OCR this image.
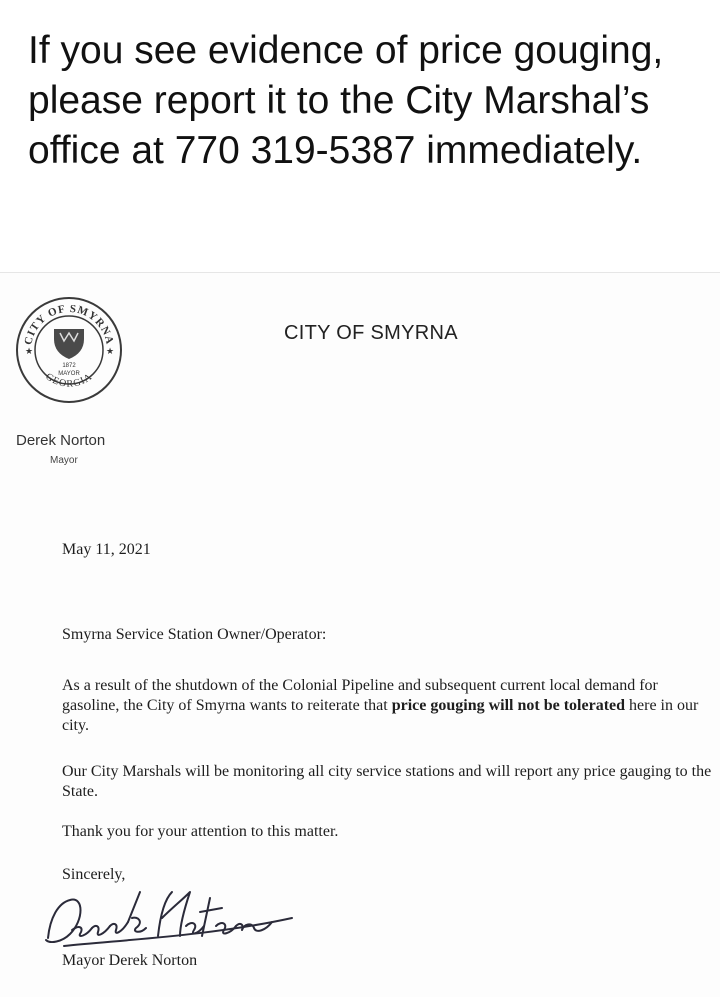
If you see evidence of price gouging, please report it to the City Marshal’s office at 770 319-5387 immediately.
CITY OF SMYRNA
GEORGIA
★	★
1872
MAYOR
CITY OF SMYRNA
Derek Norton
Mayor
May 11, 2021
Smyrna Service Station Owner/Operator:
As a result of the shutdown of the Colonial Pipeline and subsequent current local demand for gasoline, the City of Smyrna wants to reiterate that price gouging will not be tolerated here in our city.
Our City Marshals will be monitoring all city service stations and will report any price gauging to the State.
Thank you for your attention to this matter.
Sincerely,
Mayor Derek Norton
